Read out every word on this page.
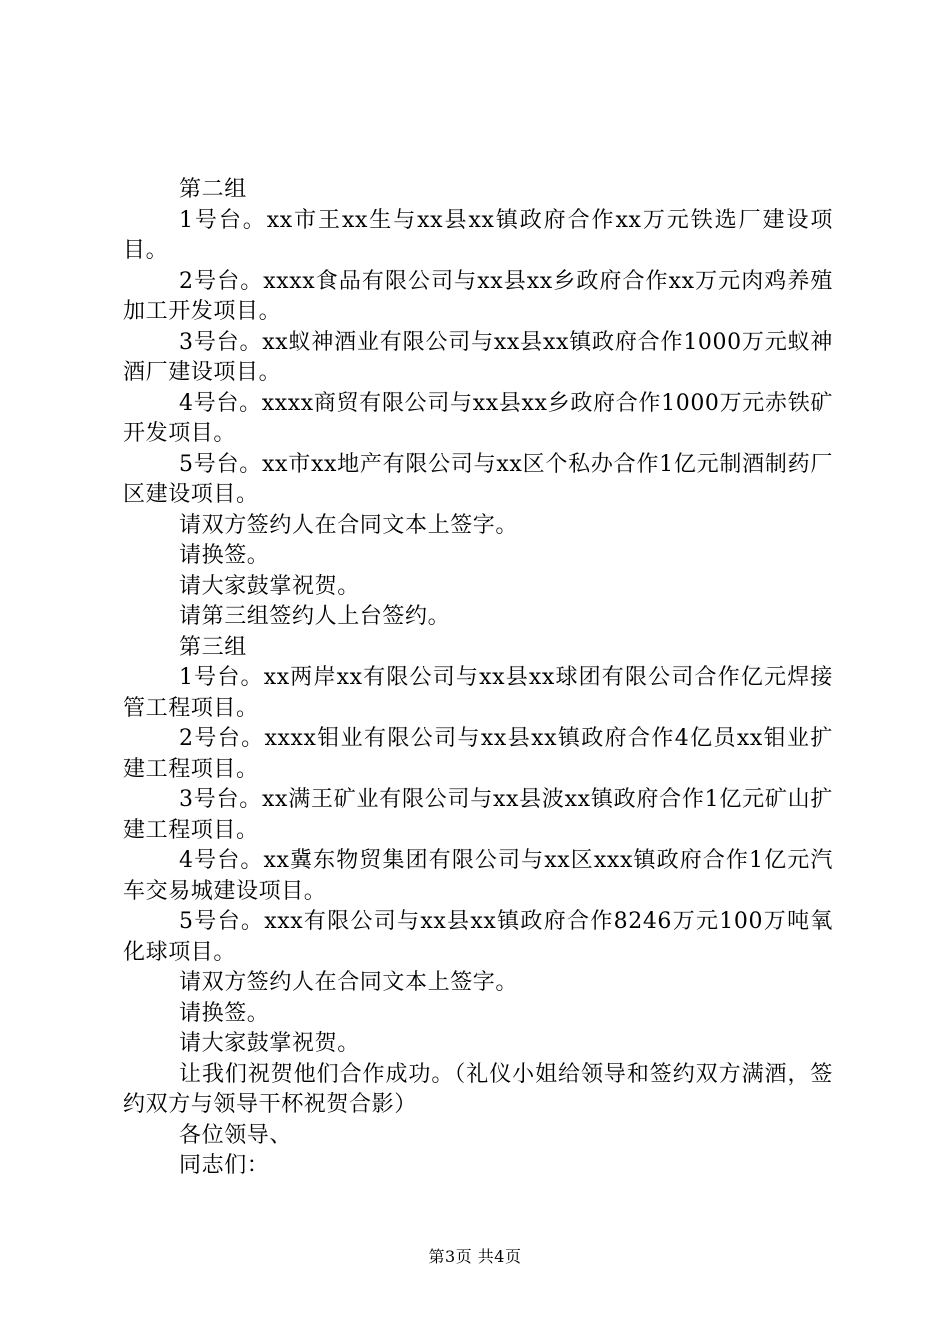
第二组

1号台。xx市王xx生与xx县xx镇政府合作xx万元铁选厂建设项目。

2号台。xxxx食品有限公司与xx县xx乡政府合作xx万元肉鸡养殖加工开发项目。

3号台。xx蚁神酒业有限公司与xx县xx镇政府合作1000万元蚁神酒厂建设项目。

4号台。xxxx商贸有限公司与xx县xx乡政府合作1000万元赤铁矿开发项目。

5号台。xx市xx地产有限公司与xx区个私办合作1亿元制酒制药厂区建设项目。

请双方签约人在合同文本上签字。

请换签。

请大家鼓掌祝贺。

请第三组签约人上台签约。

第三组

1号台。xx两岸xx有限公司与xx县xx球团有限公司合作亿元焊接管工程项目。

2号台。xxxx钼业有限公司与xx县xx镇政府合作4亿员xx钼业扩建工程项目。

3号台。xx满王矿业有限公司与xx县波xx镇政府合作1亿元矿山扩建工程项目。

4号台。xx冀东物贸集团有限公司与xx区xxx镇政府合作1亿元汽车交易城建设项目。

5号台。xxx有限公司与xx县xx镇政府合作8246万元100万吨氧化球项目。

请双方签约人在合同文本上签字。

请换签。

请大家鼓掌祝贺。

让我们祝贺他们合作成功。（礼仪小姐给领导和签约双方满酒，签约双方与领导干杯祝贺合影）

各位领导、

同志们：

第3页 共4页
